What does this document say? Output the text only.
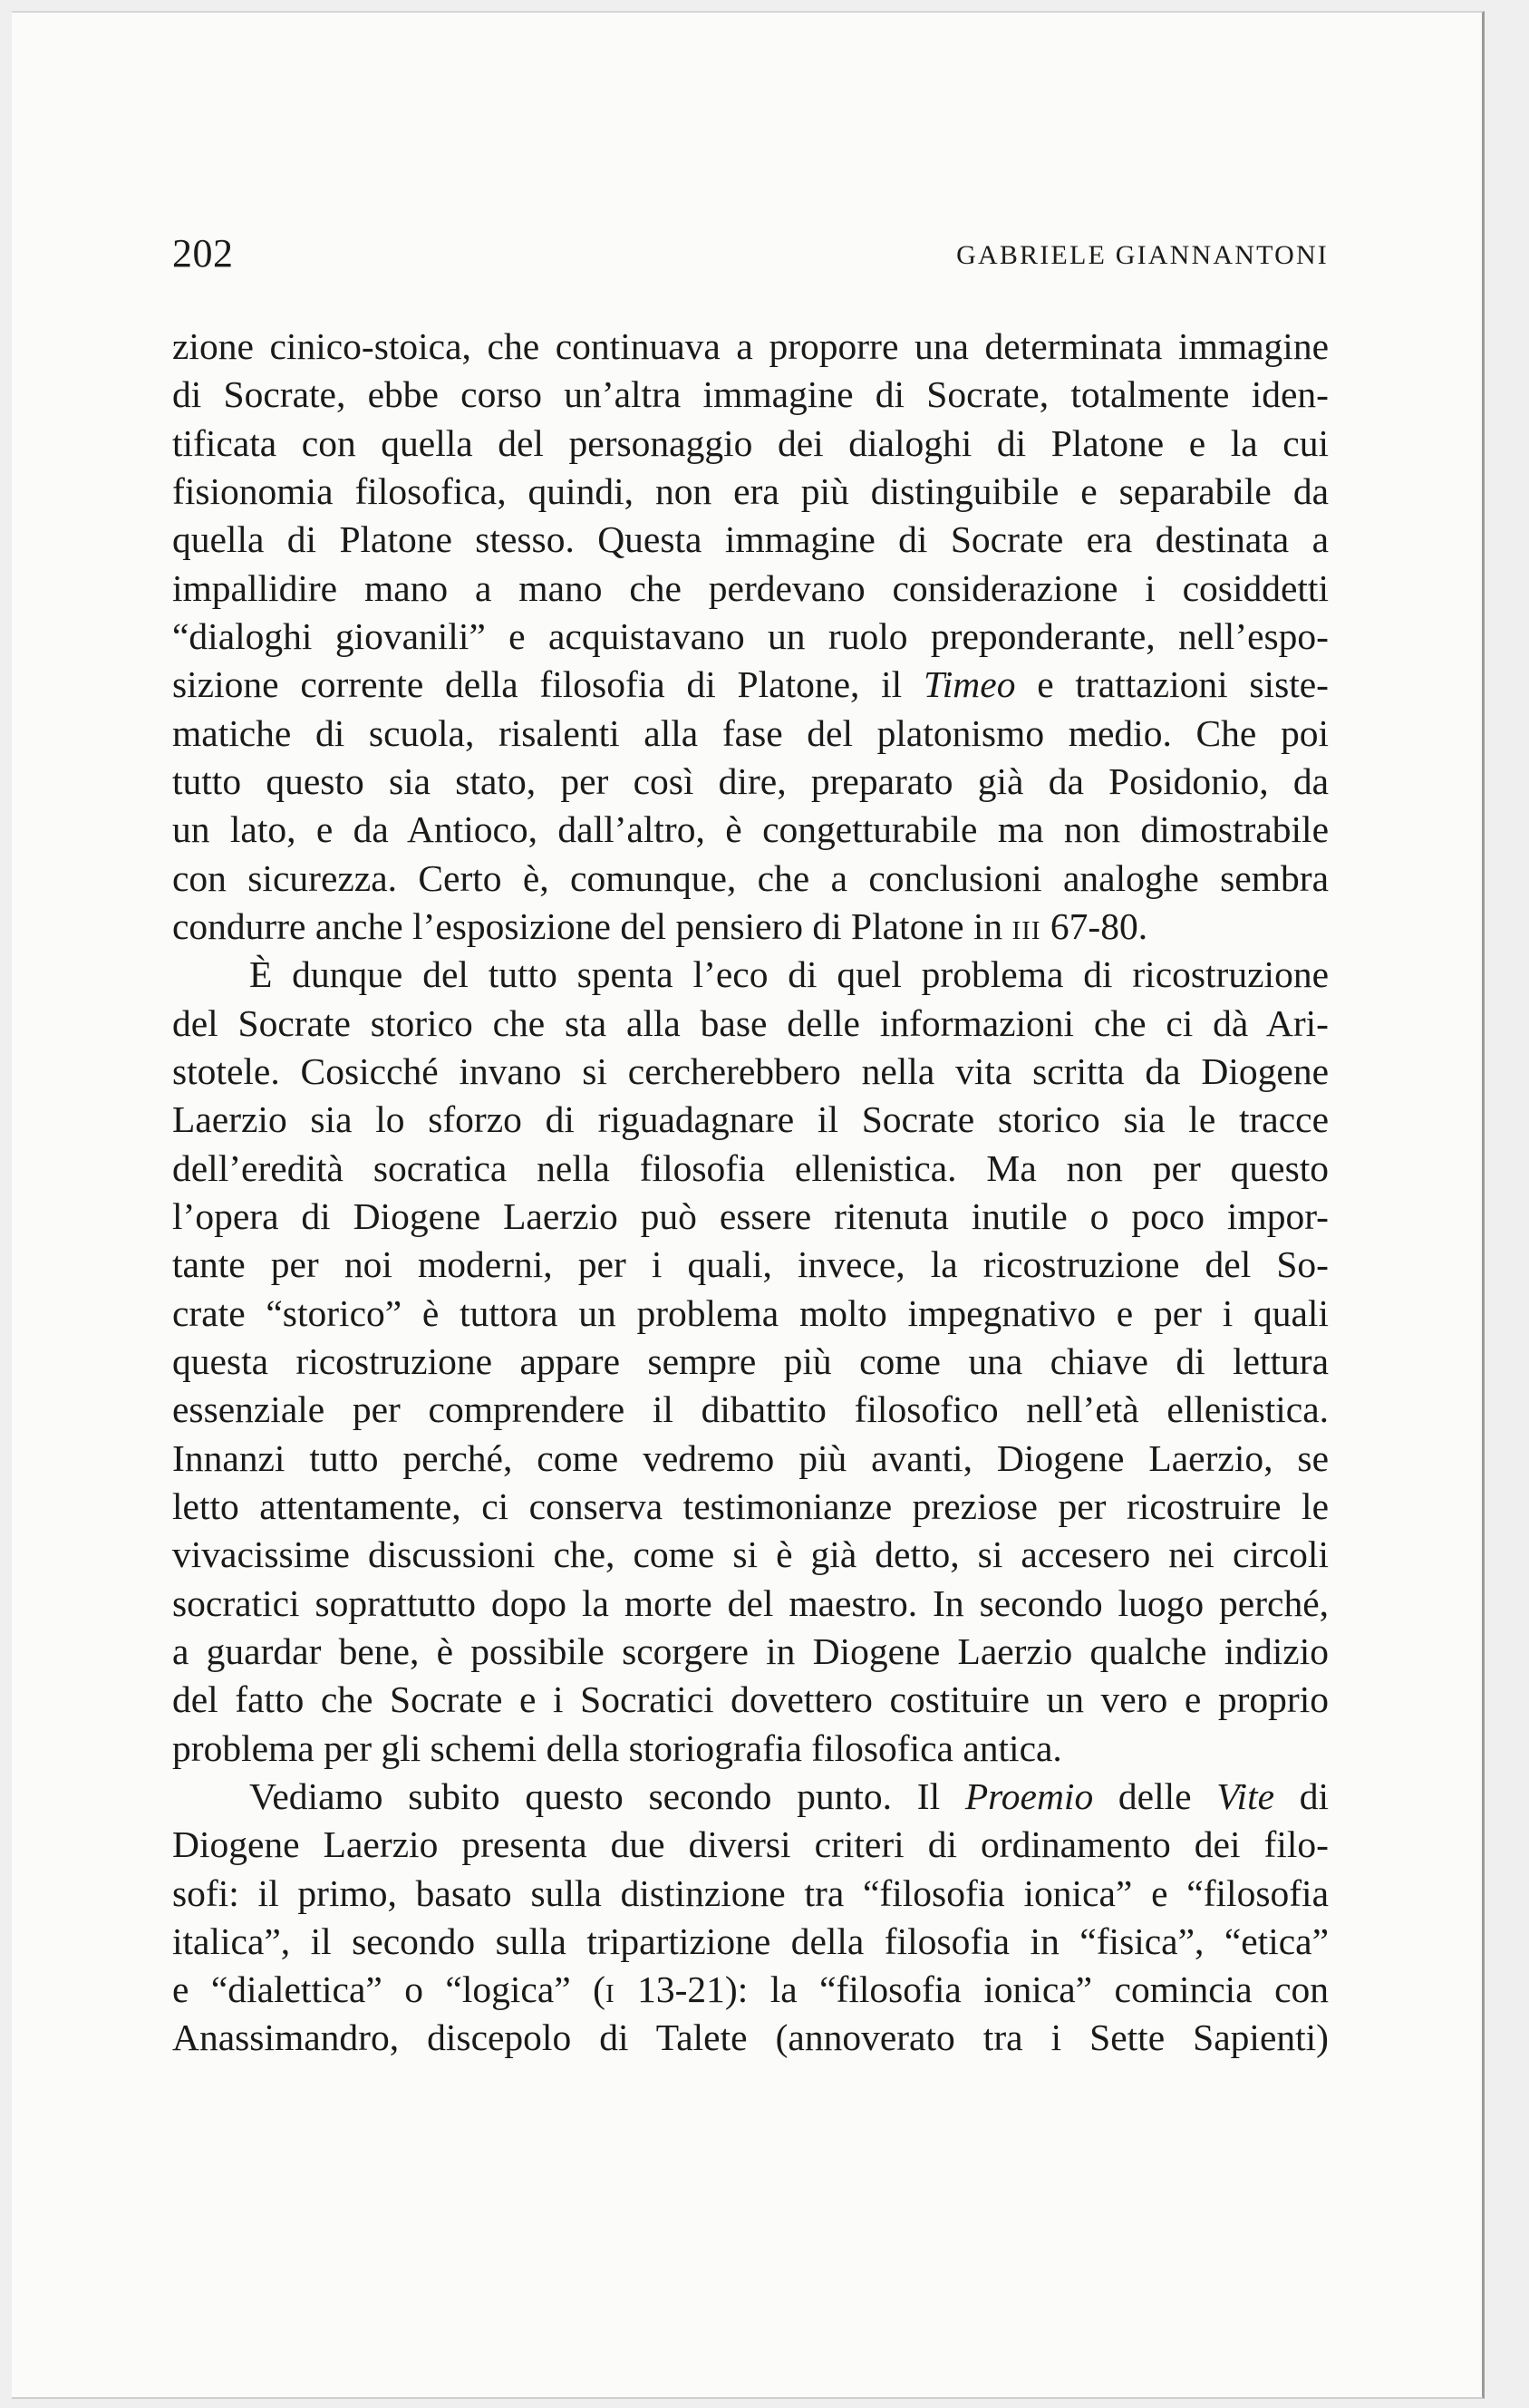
202	GABRIELE GIANNANTONI
zione cinico-stoica, che continuava a proporre una determinata immagine
di Socrate, ebbe corso un’altra immagine di Socrate, totalmente iden-
tificata con quella del personaggio dei dialoghi di Platone e la cui
fisionomia filosofica, quindi, non era più distinguibile e separabile da
quella di Platone stesso. Questa immagine di Socrate era destinata a
impallidire mano a mano che perdevano considerazione i cosiddetti
“dialoghi giovanili” e acquistavano un ruolo preponderante, nell’espo-
sizione corrente della filosofia di Platone, il Timeo e trattazioni siste-
matiche di scuola, risalenti alla fase del platonismo medio. Che poi
tutto questo sia stato, per così dire, preparato già da Posidonio, da
un lato, e da Antioco, dall’altro, è congetturabile ma non dimostrabile
con sicurezza. Certo è, comunque, che a conclusioni analoghe sembra
condurre anche l’esposizione del pensiero di Platone in iii 67-80.
È dunque del tutto spenta l’eco di quel problema di ricostruzione
del Socrate storico che sta alla base delle informazioni che ci dà Ari-
stotele. Cosicché invano si cercherebbero nella vita scritta da Diogene
Laerzio sia lo sforzo di riguadagnare il Socrate storico sia le tracce
dell’eredità socratica nella filosofia ellenistica. Ma non per questo
l’opera di Diogene Laerzio può essere ritenuta inutile o poco impor-
tante per noi moderni, per i quali, invece, la ricostruzione del So-
crate “storico” è tuttora un problema molto impegnativo e per i quali
questa ricostruzione appare sempre più come una chiave di lettura
essenziale per comprendere il dibattito filosofico nell’età ellenistica.
Innanzi tutto perché, come vedremo più avanti, Diogene Laerzio, se
letto attentamente, ci conserva testimonianze preziose per ricostruire le
vivacissime discussioni che, come si è già detto, si accesero nei circoli
socratici soprattutto dopo la morte del maestro. In secondo luogo perché,
a guardar bene, è possibile scorgere in Diogene Laerzio qualche indizio
del fatto che Socrate e i Socratici dovettero costituire un vero e proprio
problema per gli schemi della storiografia filosofica antica.
Vediamo subito questo secondo punto. Il Proemio delle Vite di
Diogene Laerzio presenta due diversi criteri di ordinamento dei filo-
sofi: il primo, basato sulla distinzione tra “filosofia ionica” e “filosofia
italica”, il secondo sulla tripartizione della filosofia in “fisica”, “etica”
e “dialettica” o “logica” (i 13-21): la “filosofia ionica” comincia con
Anassimandro, discepolo di Talete (annoverato tra i Sette Sapienti)
